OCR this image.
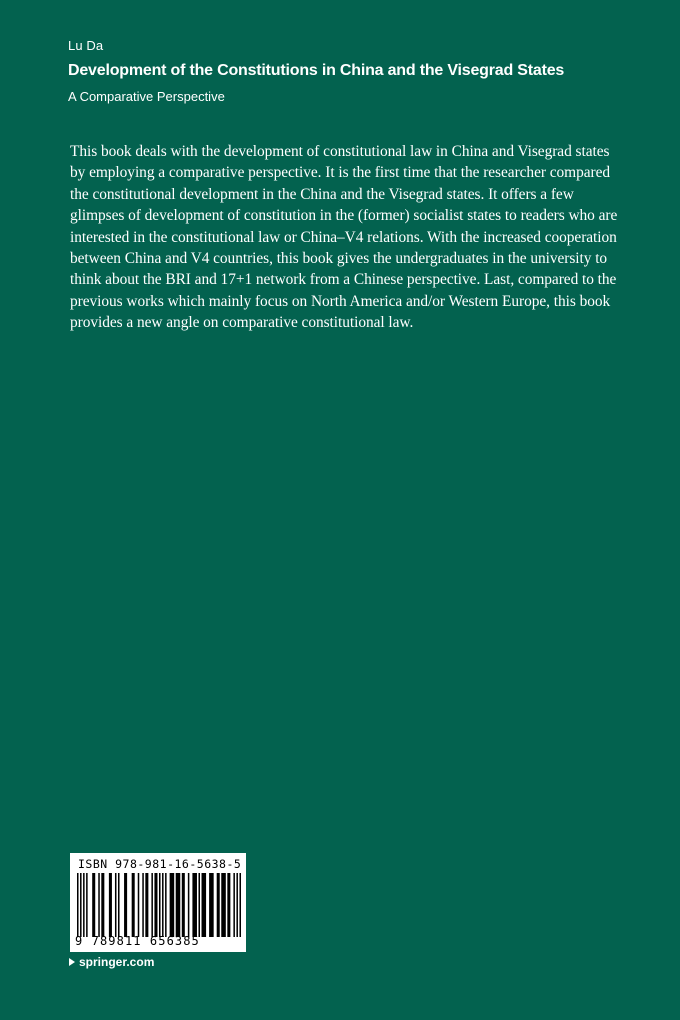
Lu Da
Development of the Constitutions in China and the Visegrad States
A Comparative Perspective
This book deals with the development of constitutional law in China and Visegrad states by employing a comparative perspective. It is the first time that the researcher compared the constitutional development in the China and the Visegrad states. It offers a few glimpses of development of constitution in the (former) socialist states to readers who are interested in the constitutional law or China–V4 relations. With the increased cooperation between China and V4 countries, this book gives the undergraduates in the university to think about the BRI and 17+1 network from a Chinese perspective. Last, compared to the previous works which mainly focus on North America and/or Western Europe, this book provides a new angle on comparative constitutional law.
ISBN 978-981-16-5638-5
9 789811 656385
springer.com
